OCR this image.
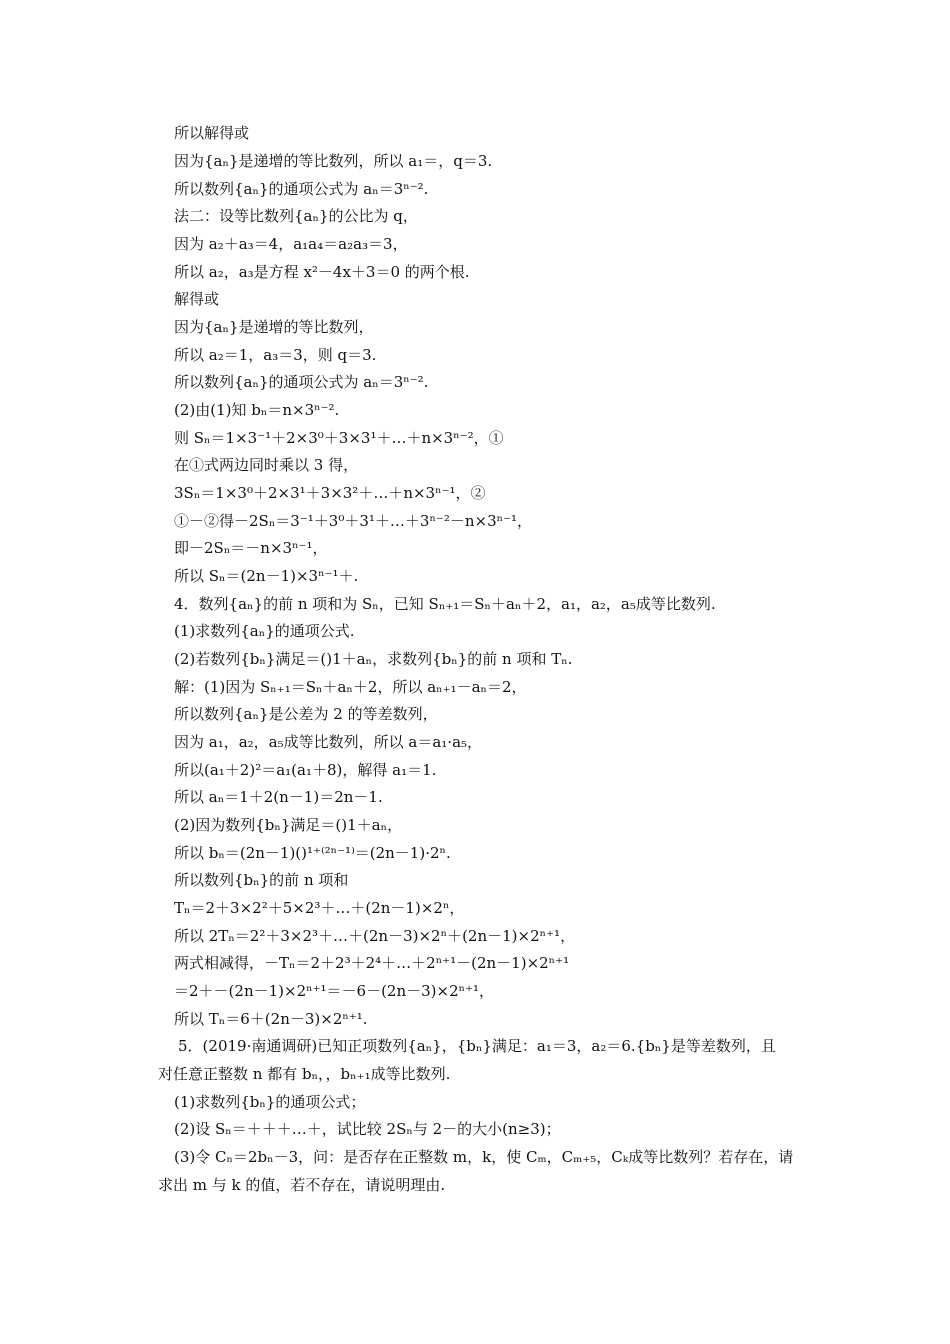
所以解得或
因为{aₙ}是递增的等比数列，所以 a₁＝，q＝3.
所以数列{aₙ}的通项公式为 aₙ＝3ⁿ⁻².
法二：设等比数列{aₙ}的公比为 q，
因为 a₂＋a₃＝4，a₁a₄＝a₂a₃＝3，
所以 a₂，a₃是方程 x²－4x＋3＝0 的两个根.
解得或
因为{aₙ}是递增的等比数列，
所以 a₂＝1，a₃＝3，则 q＝3.
所以数列{aₙ}的通项公式为 aₙ＝3ⁿ⁻².
(2)由(1)知 bₙ＝n×3ⁿ⁻².
则 Sₙ＝1×3⁻¹＋2×3⁰＋3×3¹＋…＋n×3ⁿ⁻²，①
在①式两边同时乘以 3 得，
3Sₙ＝1×3⁰＋2×3¹＋3×3²＋…＋n×3ⁿ⁻¹，②
①－②得－2Sₙ＝3⁻¹＋3⁰＋3¹＋…＋3ⁿ⁻²－n×3ⁿ⁻¹，
即－2Sₙ＝－n×3ⁿ⁻¹，
所以 Sₙ＝(2n－1)×3ⁿ⁻¹＋.
4．数列{aₙ}的前 n 项和为 Sₙ，已知 Sₙ₊₁＝Sₙ＋aₙ＋2，a₁，a₂，a₅成等比数列.
(1)求数列{aₙ}的通项公式.
(2)若数列{bₙ}满足＝()1＋aₙ，求数列{bₙ}的前 n 项和 Tₙ.
解：(1)因为 Sₙ₊₁＝Sₙ＋aₙ＋2，所以 aₙ₊₁－aₙ＝2，
所以数列{aₙ}是公差为 2 的等差数列，
因为 a₁，a₂，a₅成等比数列，所以 a＝a₁·a₅，
所以(a₁＋2)²＝a₁(a₁＋8)，解得 a₁＝1.
所以 aₙ＝1＋2(n－1)＝2n－1.
(2)因为数列{bₙ}满足＝()1＋aₙ，
所以 bₙ＝(2n－1)()¹⁺⁽²ⁿ⁻¹⁾＝(2n－1)·2ⁿ.
所以数列{bₙ}的前 n 项和
Tₙ＝2＋3×2²＋5×2³＋…＋(2n－1)×2ⁿ，
所以 2Tₙ＝2²＋3×2³＋…＋(2n－3)×2ⁿ＋(2n－1)×2ⁿ⁺¹，
两式相减得，－Tₙ＝2＋2³＋2⁴＋…＋2ⁿ⁺¹－(2n－1)×2ⁿ⁺¹
＝2＋－(2n－1)×2ⁿ⁺¹＝－6－(2n－3)×2ⁿ⁺¹，
所以 Tₙ＝6＋(2n－3)×2ⁿ⁺¹.
5．(2019·南通调研)已知正项数列{aₙ}，{bₙ}满足：a₁＝3，a₂＝6.{bₙ}是等差数列，且
对任意正整数 n 都有 bₙ，，bₙ₊₁成等比数列.
(1)求数列{bₙ}的通项公式；
(2)设 Sₙ＝＋＋＋…＋，试比较 2Sₙ与 2－的大小(n≥3)；
(3)令 Cₙ＝2bₙ－3，问：是否存在正整数 m，k，使 Cₘ，Cₘ₊₅，Cₖ成等比数列？若存在，请
求出 m 与 k 的值，若不存在，请说明理由.
